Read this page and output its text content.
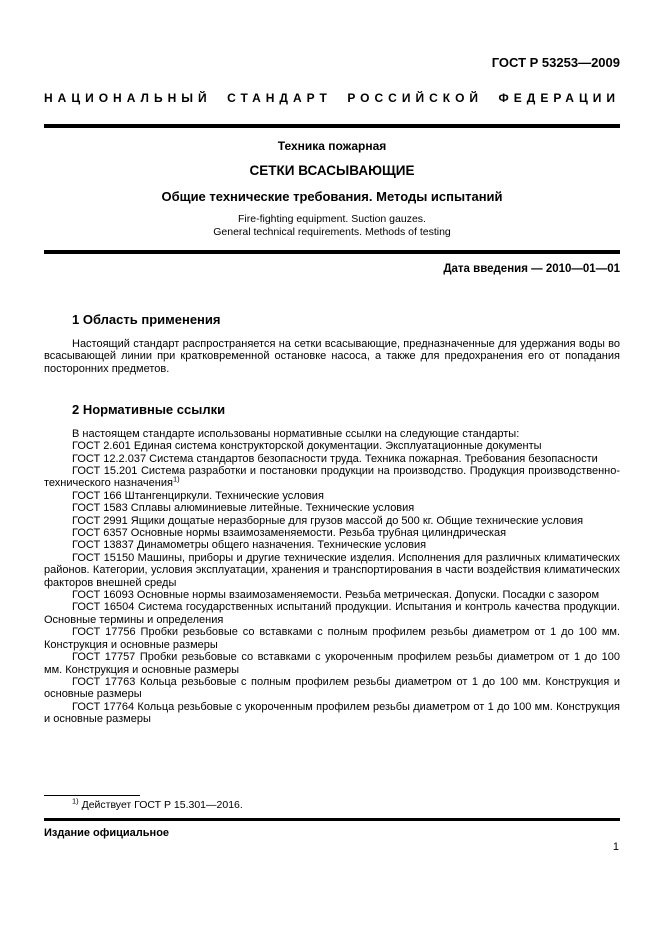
ГОСТ Р 53253—2009

НАЦИОНАЛЬНЫЙ СТАНДАРТ РОССИЙСКОЙ ФЕДЕРАЦИИ

Техника пожарная

СЕТКИ ВСАСЫВАЮЩИЕ

Общие технические требования. Методы испытаний

Fire-fighting equipment. Suction gauzes.

General technical requirements. Methods of testing

Дата введения — 2010—01—01

1 Область применения

Настоящий стандарт распространяется на сетки всасывающие, предназначенные для удержания воды во всасывающей линии при кратковременной остановке насоса, а также для предохранения его от попадания посторонних предметов.

2 Нормативные ссылки

В настоящем стандарте использованы нормативные ссылки на следующие стандарты:

ГОСТ 2.601 Единая система конструкторской документации. Эксплуатационные документы

ГОСТ 12.2.037 Система стандартов безопасности труда. Техника пожарная. Требования безопасности

ГОСТ 15.201 Система разработки и постановки продукции на производство. Продукция производственно-технического назначения$^{1)}$

ГОСТ 166 Штангенциркули. Технические условия

ГОСТ 1583 Сплавы алюминиевые литейные. Технические условия

ГОСТ 2991 Ящики дощатые неразборные для грузов массой до 500 кг. Общие технические условия

ГОСТ 6357 Основные нормы взаимозаменяемости. Резьба трубная цилиндрическая

ГОСТ 13837 Динамометры общего назначения. Технические условия

ГОСТ 15150 Машины, приборы и другие технические изделия. Исполнения для различных климатических районов. Категории, условия эксплуатации, хранения и транспортирования в части воздействия климатических факторов внешней среды

ГОСТ 16093 Основные нормы взаимозаменяемости. Резьба метрическая. Допуски. Посадки с зазором

ГОСТ 16504 Система государственных испытаний продукции. Испытания и контроль качества продукции. Основные термины и определения

ГОСТ 17756 Пробки резьбовые со вставками с полным профилем резьбы диаметром от 1 до 100 мм. Конструкция и основные размеры

ГОСТ 17757 Пробки резьбовые со вставками с укороченным профилем резьбы диаметром от 1 до 100 мм. Конструкция и основные размеры

ГОСТ 17763 Кольца резьбовые с полным профилем резьбы диаметром от 1 до 100 мм. Конструкция и основные размеры

ГОСТ 17764 Кольца резьбовые с укороченным профилем резьбы диаметром от 1 до 100 мм. Конструкция и основные размеры

$^{1)}$ Действует ГОСТ Р 15.301—2016.

Издание официальное

1
